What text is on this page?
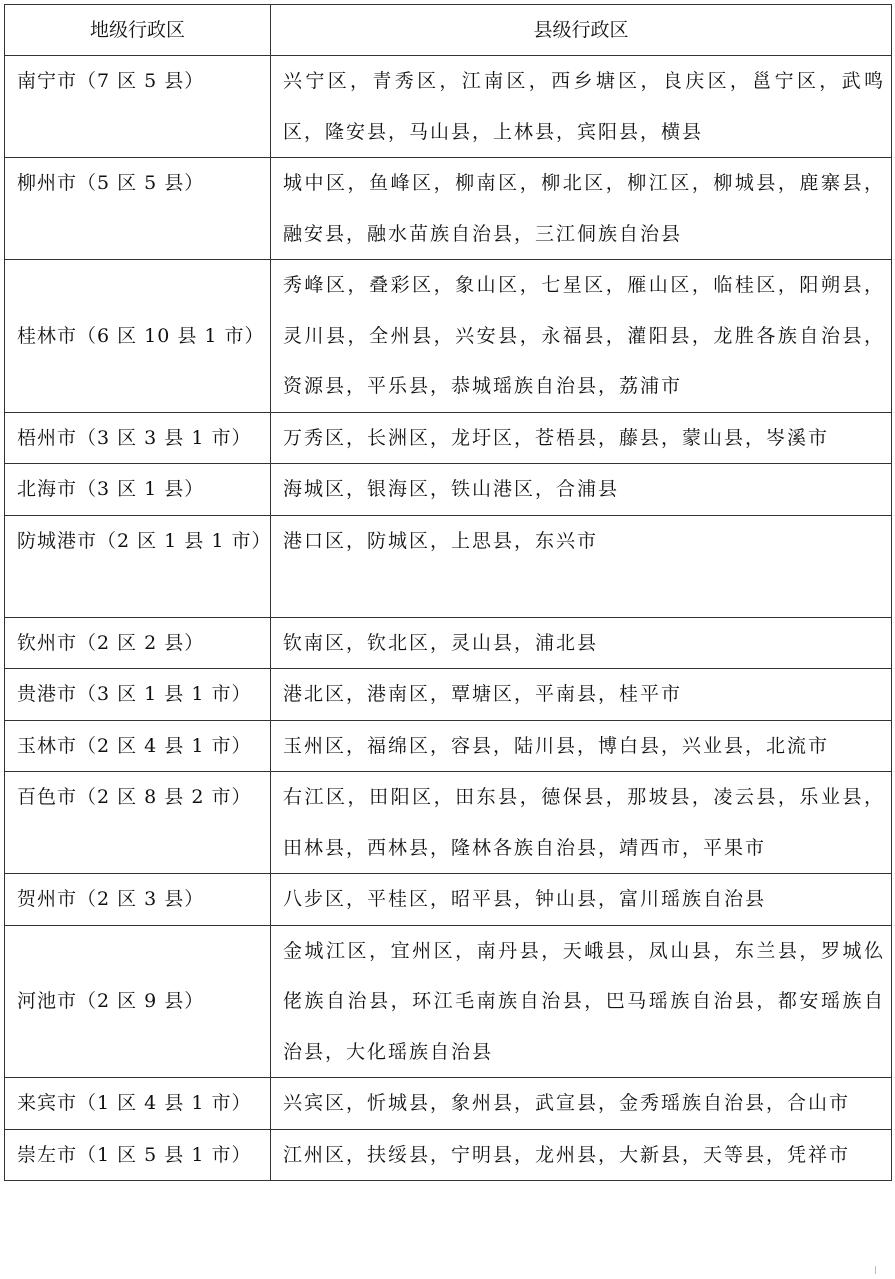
地级行政区	县级行政区
南宁市（7 区 5 县）	兴宁区，青秀区，江南区，西乡塘区，良庆区，邕宁区，武鸣区，隆安县，马山县，上林县，宾阳县，横县
柳州市（5 区 5 县）	城中区，鱼峰区，柳南区，柳北区，柳江区，柳城县，鹿寨县，融安县，融水苗族自治县，三江侗族自治县
桂林市（6 区 10 县 1 市）	秀峰区，叠彩区，象山区，七星区，雁山区，临桂区，阳朔县，灵川县，全州县，兴安县，永福县，灌阳县，龙胜各族自治县，资源县，平乐县，恭城瑶族自治县，荔浦市
梧州市（3 区 3 县 1 市）	万秀区，长洲区，龙圩区，苍梧县，藤县，蒙山县，岑溪市
北海市（3 区 1 县）	海城区，银海区，铁山港区，合浦县
防城港市（2 区 1 县 1 市）	港口区，防城区，上思县，东兴市
钦州市（2 区 2 县）	钦南区，钦北区，灵山县，浦北县
贵港市（3 区 1 县 1 市）	港北区，港南区，覃塘区，平南县，桂平市
玉林市（2 区 4 县 1 市）	玉州区，福绵区，容县，陆川县，博白县，兴业县，北流市
百色市（2 区 8 县 2 市）	右江区，田阳区，田东县，德保县，那坡县，凌云县，乐业县，田林县，西林县，隆林各族自治县，靖西市，平果市
贺州市（2 区 3 县）	八步区，平桂区，昭平县，钟山县，富川瑶族自治县
河池市（2 区 9 县）	金城江区，宜州区，南丹县，天峨县，凤山县，东兰县，罗城仫佬族自治县，环江毛南族自治县，巴马瑶族自治县，都安瑶族自治县，大化瑶族自治县
来宾市（1 区 4 县 1 市）	兴宾区，忻城县，象州县，武宣县，金秀瑶族自治县，合山市
崇左市（1 区 5 县 1 市）	江州区，扶绥县，宁明县，龙州县，大新县，天等县，凭祥市
